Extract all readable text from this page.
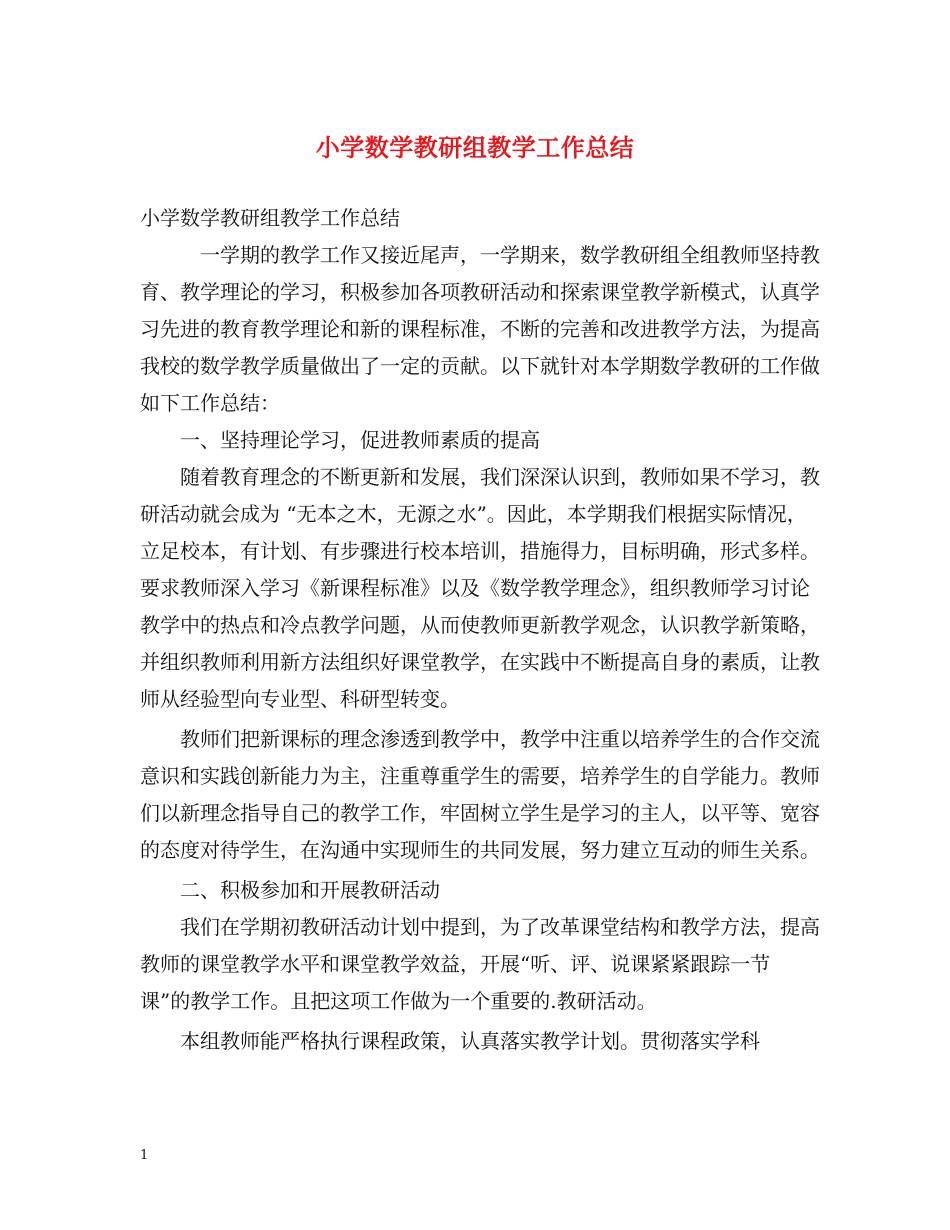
小学数学教研组教学工作总结

小学数学教研组教学工作总结

一学期的教学工作又接近尾声，一学期来，数学教研组全组教师坚持教育、教学理论的学习，积极参加各项教研活动和探索课堂教学新模式，认真学习先进的教育教学理论和新的课程标准，不断的完善和改进教学方法，为提高我校的数学教学质量做出了一定的贡献。以下就针对本学期数学教研的工作做如下工作总结：

一、坚持理论学习，促进教师素质的提高

随着教育理念的不断更新和发展，我们深深认识到，教师如果不学习，教研活动就会成为 “无本之木，无源之水”。因此，本学期我们根据实际情况，立足校本，有计划、有步骤进行校本培训，措施得力，目标明确，形式多样。要求教师深入学习《新课程标准》以及《数学教学理念》，组织教师学习讨论教学中的热点和冷点教学问题，从而使教师更新教学观念，认识教学新策略，并组织教师利用新方法组织好课堂教学，在实践中不断提高自身的素质，让教师从经验型向专业型、科研型转变。

教师们把新课标的理念渗透到教学中，教学中注重以培养学生的合作交流意识和实践创新能力为主，注重尊重学生的需要，培养学生的自学能力。教师们以新理念指导自己的教学工作，牢固树立学生是学习的主人，以平等、宽容的态度对待学生，在沟通中实现师生的共同发展，努力建立互动的师生关系。

二、积极参加和开展教研活动

我们在学期初教研活动计划中提到，为了改革课堂结构和教学方法，提高教师的课堂教学水平和课堂教学效益，开展“听、评、说课紧紧跟踪一节课”的教学工作。且把这项工作做为一个重要的.教研活动。

本组教师能严格执行课程政策，认真落实教学计划。贯彻落实学科

1
